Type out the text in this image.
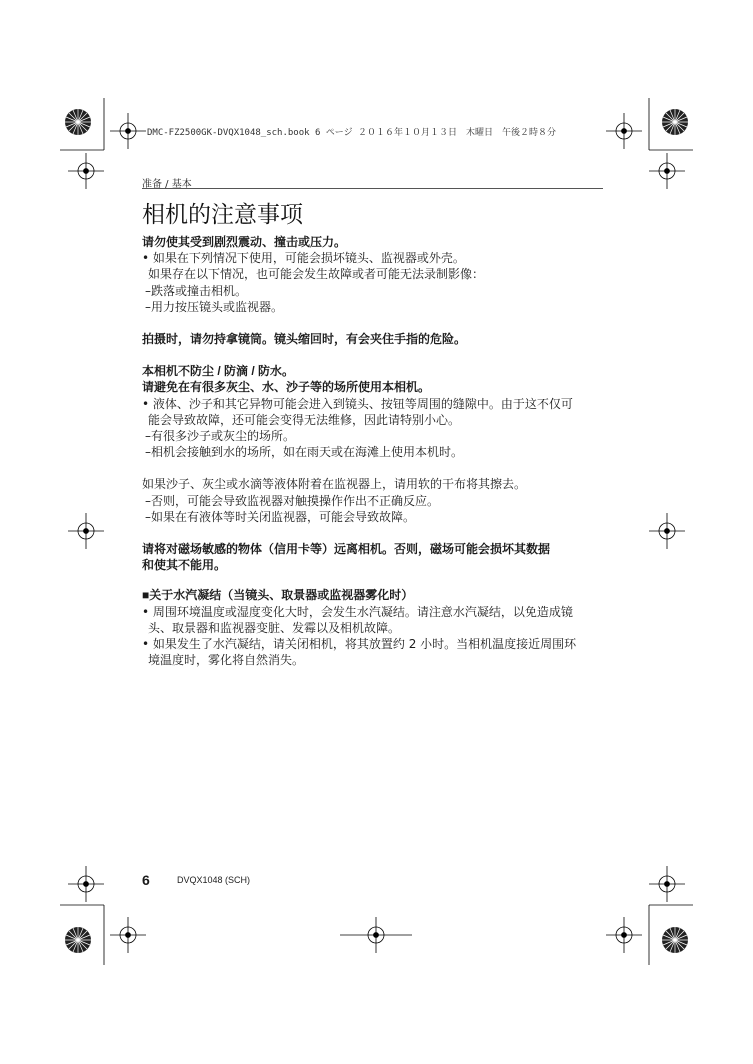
DMC-FZ2500GK-DVQX1048_sch.book 6 ページ ２０１６年１０月１３日　木曜日　午後２時８分
准备 / 基本
相机的注意事项

请勿使其受到剧烈震动、撞击或压力。

• 如果在下列情况下使用，可能会损坏镜头、监视器或外壳。

如果存在以下情况，也可能会发生故障或者可能无法录制影像：

–跌落或撞击相机。

–用力按压镜头或监视器。

拍摄时，请勿持拿镜筒。镜头缩回时，有会夹住手指的危险。

本相机不防尘 / 防滴 / 防水。

请避免在有很多灰尘、水、沙子等的场所使用本相机。

• 液体、沙子和其它异物可能会进入到镜头、按钮等周围的缝隙中。由于这不仅可

能会导致故障，还可能会变得无法维修，因此请特别小心。

–有很多沙子或灰尘的场所。

–相机会接触到水的场所，如在雨天或在海滩上使用本机时。

如果沙子、灰尘或水滴等液体附着在监视器上，请用软的干布将其擦去。

–否则，可能会导致监视器对触摸操作作出不正确反应。

–如果在有液体等时关闭监视器，可能会导致故障。

请将对磁场敏感的物体（信用卡等）远离相机。否则，磁场可能会损坏其数据

和使其不能用。

■关于水汽凝结（当镜头、取景器或监视器雾化时）

• 周围环境温度或湿度变化大时，会发生水汽凝结。请注意水汽凝结，以免造成镜

头、取景器和监视器变脏、发霉以及相机故障。

• 如果发生了水汽凝结，请关闭相机，将其放置约 2 小时。当相机温度接近周围环

境温度时，雾化将自然消失。

6	DVQX1048 (SCH)
